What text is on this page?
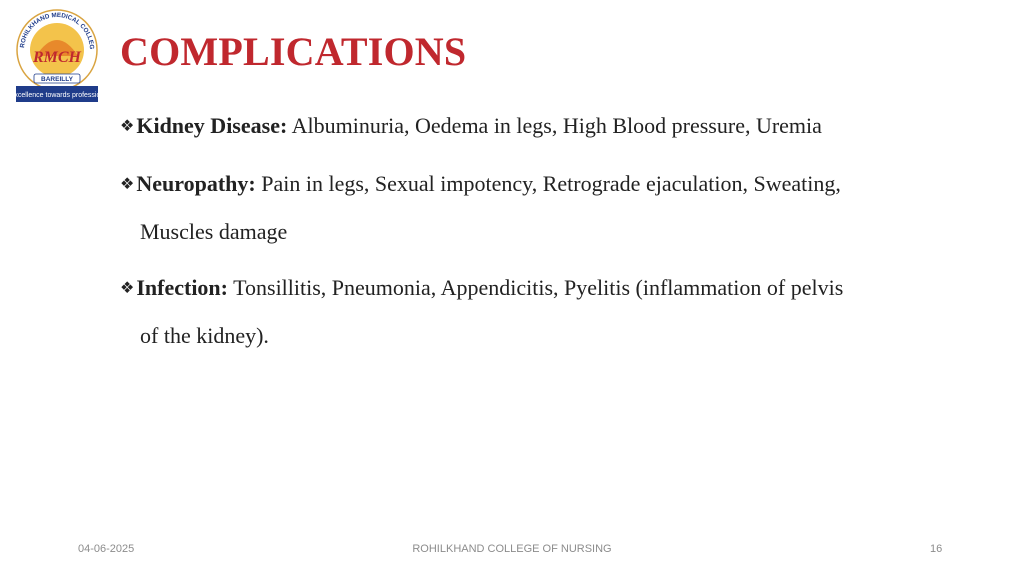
ROHILKHAND MEDICAL COLLEG
RMCH
BAREILLY
Excellence towards profession
COMPLICATIONS
❖Kidney Disease: Albuminuria, Oedema in legs, High Blood pressure, Uremia
❖Neuropathy: Pain in legs, Sexual impotency, Retrograde ejaculation, Sweating,
Muscles damage
❖Infection: Tonsillitis, Pneumonia, Appendicitis, Pyelitis (inflammation of pelvis
of the kidney).
04-06-2025	ROHILKHAND COLLEGE OF NURSING	16
